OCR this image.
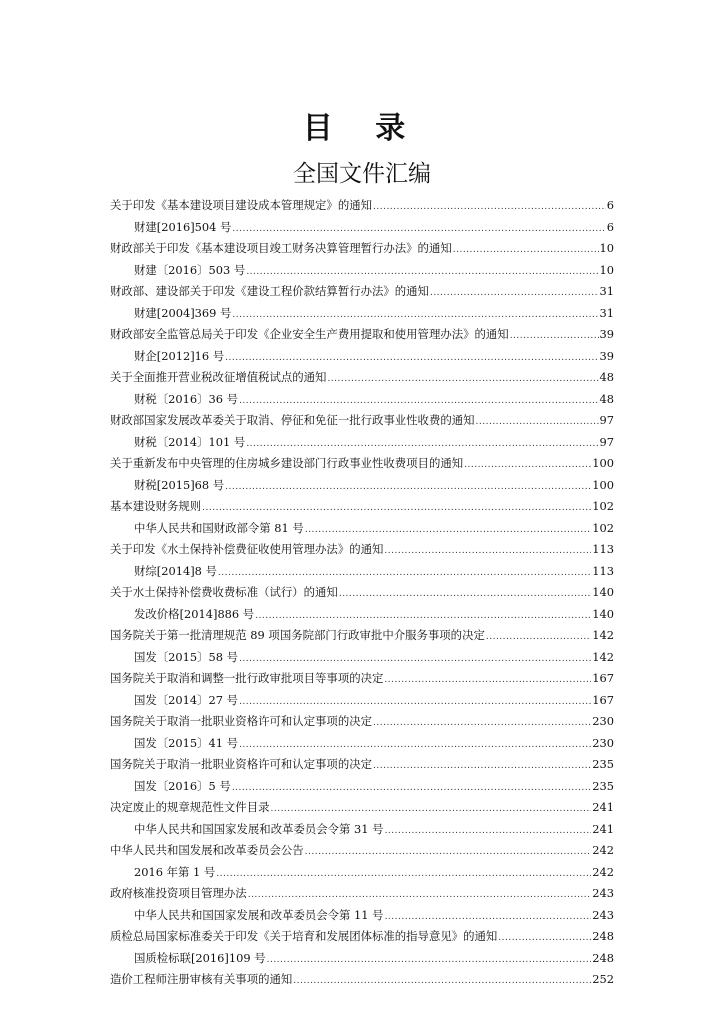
目 录
全国文件汇编
关于印发《基本建设项目建设成本管理规定》的通知 .....	6
财建[2016]504 号 .....	6
财政部关于印发《基本建设项目竣工财务决算管理暂行办法》的通知 .....	10
财建〔2016〕503 号 .....	10
财政部、建设部关于印发《建设工程价款结算暂行办法》的通知 .....	31
财建[2004]369 号 .....	31
财政部安全监管总局关于印发《企业安全生产费用提取和使用管理办法》的通知 .....	39
财企[2012]16 号 .....	39
关于全面推开营业税改征增值税试点的通知 .....	48
财税〔2016〕36 号 .....	48
财政部国家发展改革委关于取消、停征和免征一批行政事业性收费的通知 .....	97
财税〔2014〕101 号 .....	97
关于重新发布中央管理的住房城乡建设部门行政事业性收费项目的通知 .....	100
财税[2015]68 号 .....	100
基本建设财务规则 .....	102
中华人民共和国财政部令第 81 号 .....	102
关于印发《水土保持补偿费征收使用管理办法》的通知 .....	113
财综[2014]8 号 .....	113
关于水土保持补偿费收费标准（试行）的通知 .....	140
发改价格[2014]886 号 .....	140
国务院关于第一批清理规范 89 项国务院部门行政审批中介服务事项的决定 .....	142
国发〔2015〕58 号 .....	142
国务院关于取消和调整一批行政审批项目等事项的决定 .....	167
国发〔2014〕27 号 .....	167
国务院关于取消一批职业资格许可和认定事项的决定 .....	230
国发〔2015〕41 号 .....	230
国务院关于取消一批职业资格许可和认定事项的决定 .....	235
国发〔2016〕5 号 .....	235
决定废止的规章规范性文件目录 .....	241
中华人民共和国国家发展和改革委员会令第 31 号 .....	241
中华人民共和国发展和改革委员会公告 .....	242
2016 年第 1 号 .....	242
政府核准投资项目管理办法 .....	243
中华人民共和国国家发展和改革委员会令第 11 号 .....	243
质检总局国家标准委关于印发《关于培育和发展团体标准的指导意见》的通知 .....	248
国质检标联[2016]109 号 .....	248
造价工程师注册审核有关事项的通知 .....	252
